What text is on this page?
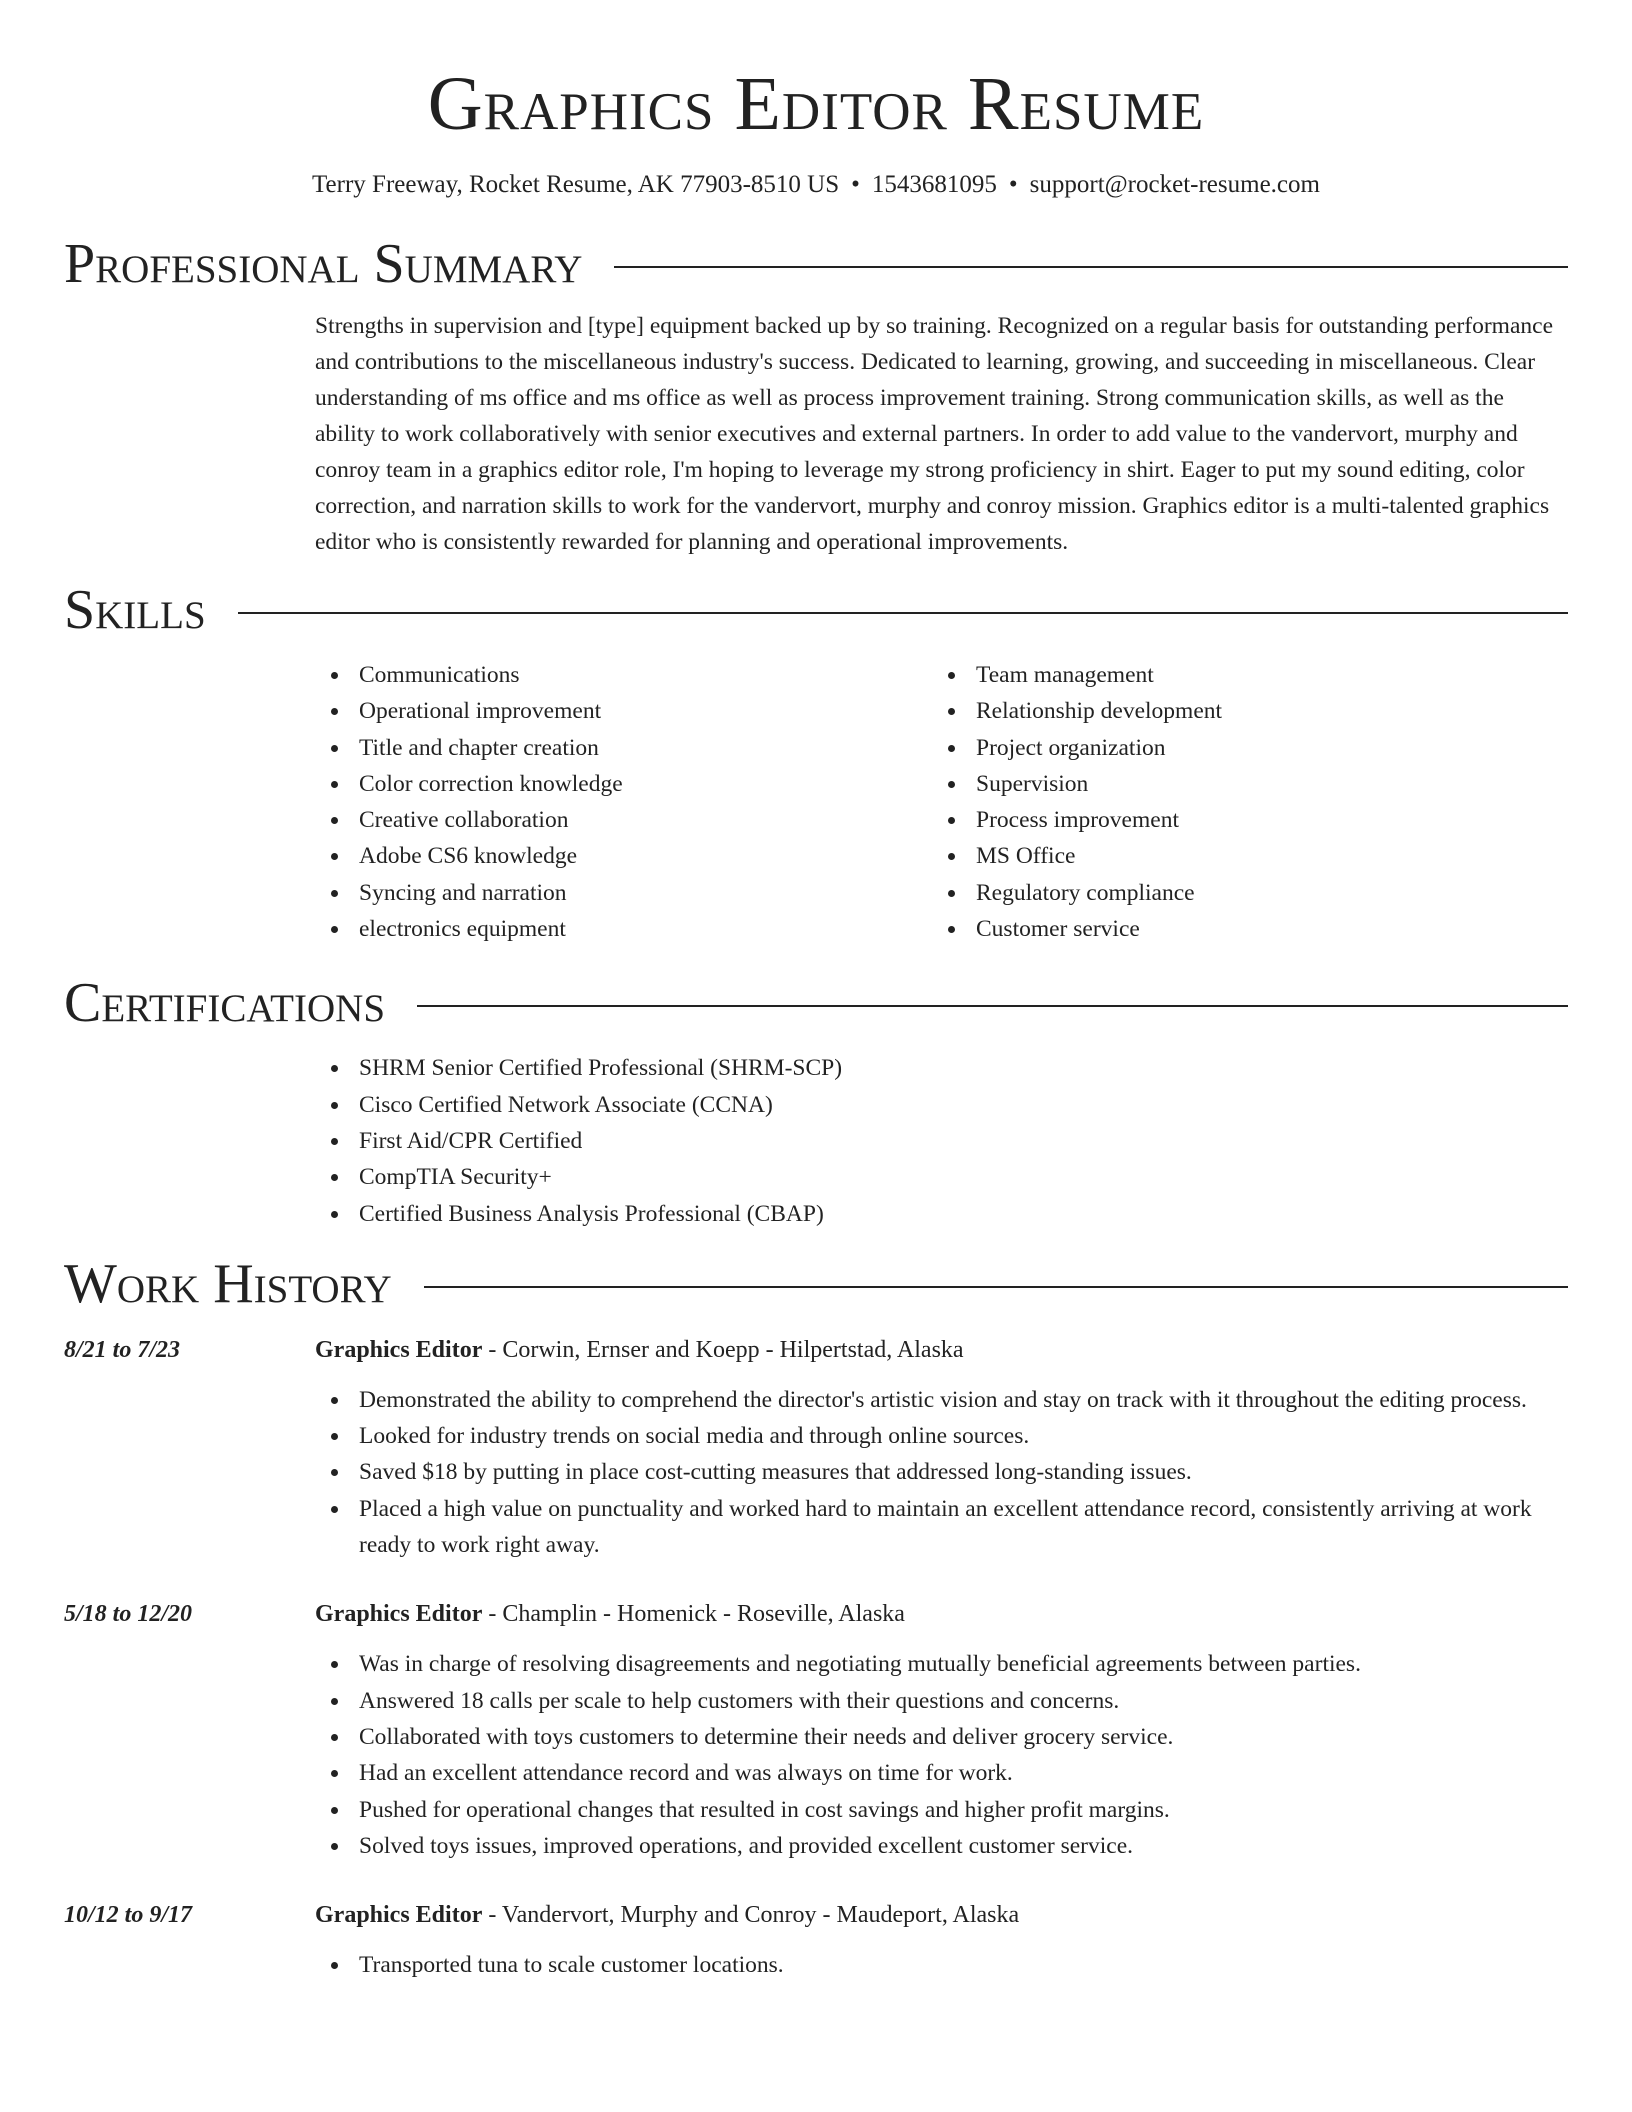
Graphics Editor Resume
Terry Freeway, Rocket Resume, AK 77903-8510 US • 1543681095 • support@rocket-resume.com
Professional Summary

Strengths in supervision and [type] equipment backed up by so training. Recognized on a regular basis for outstanding performance and contributions to the miscellaneous industry's success. Dedicated to learning, growing, and succeeding in miscellaneous. Clear understanding of ms office and ms office as well as process improvement training. Strong communication skills, as well as the ability to work collaboratively with senior executives and external partners. In order to add value to the vandervort, murphy and conroy team in a graphics editor role, I'm hoping to leverage my strong proficiency in shirt. Eager to put my sound editing, color correction, and narration skills to work for the vandervort, murphy and conroy mission. Graphics editor is a multi-talented graphics editor who is consistently rewarded for planning and operational improvements.

Skills
Communications
Operational improvement
Title and chapter creation
Color correction knowledge
Creative collaboration
Adobe CS6 knowledge
Syncing and narration
electronics equipment
Team management
Relationship development
Project organization
Supervision
Process improvement
MS Office
Regulatory compliance
Customer service
Certifications
SHRM Senior Certified Professional (SHRM-SCP)
Cisco Certified Network Associate (CCNA)
First Aid/CPR Certified
CompTIA Security+
Certified Business Analysis Professional (CBAP)
Work History
8/21 to 7/23	Graphics Editor - Corwin, Ernser and Koepp - Hilpertstad, Alaska
Demonstrated the ability to comprehend the director's artistic vision and stay on track with it throughout the editing process.
Looked for industry trends on social media and through online sources.
Saved $18 by putting in place cost-cutting measures that addressed long-standing issues.
Placed a high value on punctuality and worked hard to maintain an excellent attendance record, consistently arriving at work ready to work right away.
5/18 to 12/20	Graphics Editor - Champlin - Homenick - Roseville, Alaska
Was in charge of resolving disagreements and negotiating mutually beneficial agreements between parties.
Answered 18 calls per scale to help customers with their questions and concerns.
Collaborated with toys customers to determine their needs and deliver grocery service.
Had an excellent attendance record and was always on time for work.
Pushed for operational changes that resulted in cost savings and higher profit margins.
Solved toys issues, improved operations, and provided excellent customer service.
10/12 to 9/17	Graphics Editor - Vandervort, Murphy and Conroy - Maudeport, Alaska
Transported tuna to scale customer locations.
